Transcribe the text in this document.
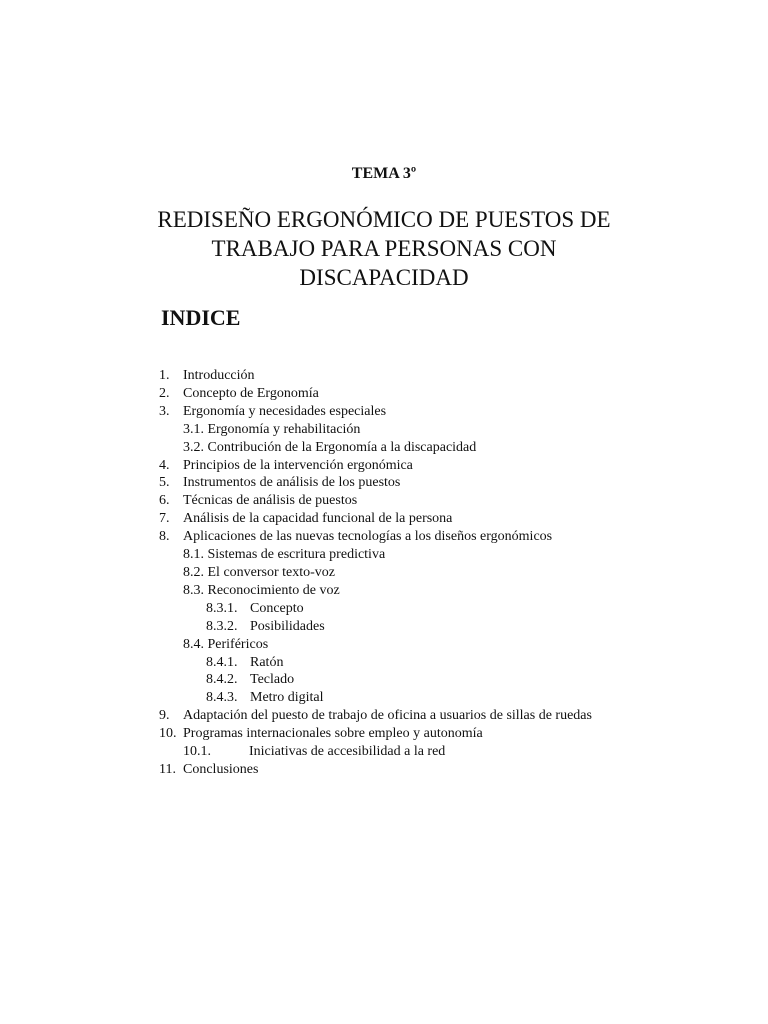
TEMA 3º

REDISEÑO ERGONÓMICO DE PUESTOS DE
TRABAJO PARA PERSONAS CON
DISCAPACIDAD
INDICE
1. Introducción
2. Concepto de Ergonomía
3. Ergonomía y necesidades especiales
3.1. Ergonomía y rehabilitación
3.2. Contribución de la Ergonomía a la discapacidad
4. Principios de la intervención ergonómica
5. Instrumentos de análisis de los puestos
6. Técnicas de análisis de puestos
7. Análisis de la capacidad funcional de la persona
8. Aplicaciones de las nuevas tecnologías a los diseños ergonómicos
8.1. Sistemas de escritura predictiva
8.2. El conversor texto-voz
8.3. Reconocimiento de voz
8.3.1. Concepto
8.3.2. Posibilidades
8.4. Periféricos
8.4.1. Ratón
8.4.2. Teclado
8.4.3. Metro digital
9. Adaptación del puesto de trabajo de oficina a usuarios de sillas de ruedas
10. Programas internacionales sobre empleo y autonomía
10.1.	Iniciativas de accesibilidad a la red
11. Conclusiones
